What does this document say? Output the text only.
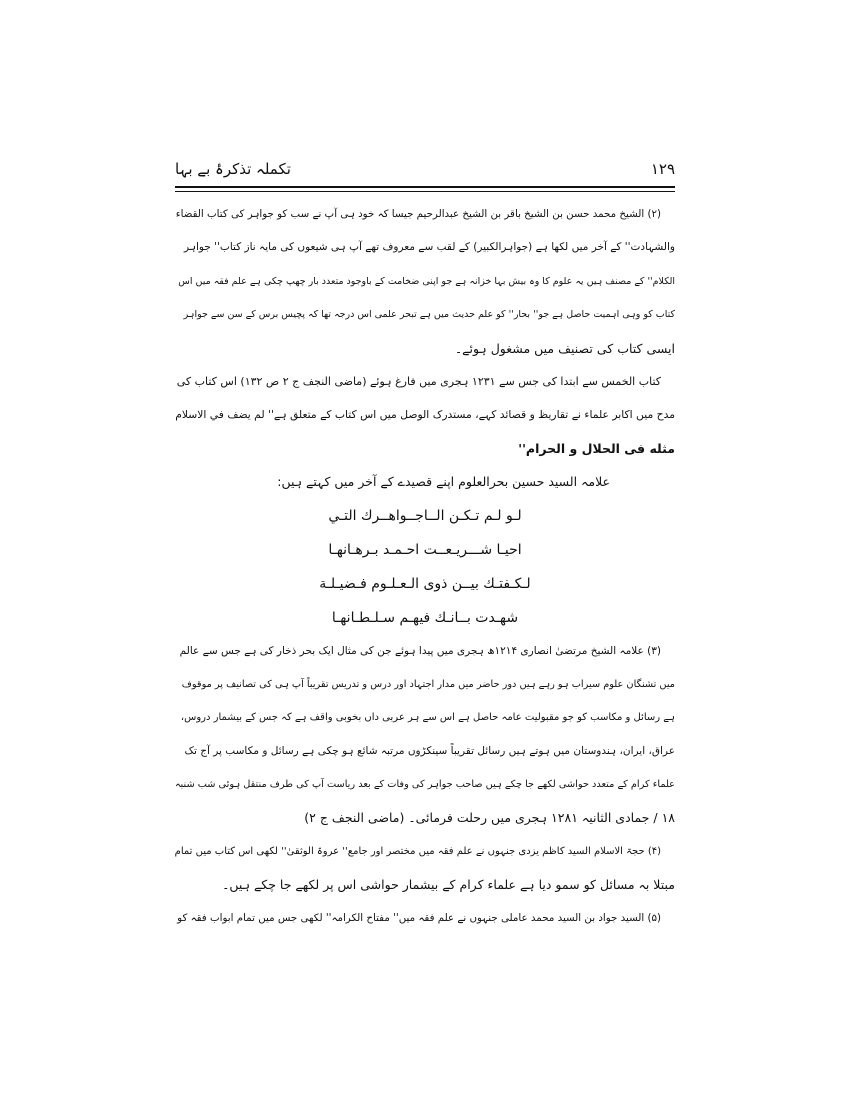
۱۲۹
تکملہ تذکرۂ بے بہا
(۲) الشیخ محمد حسن بن الشیخ باقر بن الشیخ عبدالرحیم جیسا کہ خود ہی آپ نے سب کو جواہر کی کتاب القضاء
والشہادت'' کے آخر میں لکھا ہے (جواہرالکبیر) کے لقب سے معروف تھے آپ ہی شیعوں کی مایہ ناز کتاب'' جواہر
الکلام'' کے مصنف ہیں یہ علوم کا وہ بیش بہا خزانہ ہے جو اپنی ضخامت کے باوجود متعدد بار چھپ چکی ہے علم فقہ میں اس
کتاب کو وہی اہمیت حاصل ہے جو'' بحار'' کو علم حدیث میں ہے تبحر علمی اس درجہ تھا کہ پچیس برس کے سن سے جواہر
ایسی کتاب کی تصنیف میں مشغول ہوئے۔
کتاب الخمس سے ابتدا کی جس سے ۱۲۳۱ ہجری میں فارغ ہوئے (ماضی النجف ج ۲ ص ۱۳۲) اس کتاب کی
مدح میں اکابر علماء نے تقاریظ و قصائد کہے، مستدرک الوصل میں اس کتاب کے متعلق ہے'' لم یضف في الاسلام
مثله فی الحلال و الحرام''
علامہ السید حسین بحرالعلوم اپنے قصیدے کے آخر میں کہتے ہیں:
لـو لـم تـكـن الــاجــواهــرك التـي
احيـا شـــريـعــت احـمـد بـرهـانهـا
لـكـفتـك بيــن ذوى الـعـلـوم فـضيـلـة
شهـدت بــانـك فيهـم سـلـطـانهـا
(۳) علامہ الشیخ مرتضیٰ انصاری ۱۲۱۴ھ ہجری میں پیدا ہوئے جن کی مثال ایک بحر ذخار کی ہے جس سے عالم
میں تشنگان علوم سیراب ہو رہے ہیں دور حاضر میں مدار اجتہاد اور درس و تدریس تقریباً آپ ہی کی تصانیف پر موقوف
ہے رسائل و مکاسب کو جو مقبولیت عامہ حاصل ہے اس سے ہر عربی داں بخوبی واقف ہے کہ جس کے بیشمار دروس،
عراق، ایران، ہندوستان میں ہوتے ہیں رسائل تقریباً سینکڑوں مرتبہ شائع ہو چکی ہے رسائل و مکاسب پر آج تک
علماء کرام کے متعدد حواشی لکھے جا چکے ہیں صاحب جواہر کی وفات کے بعد ریاست آپ کی طرف منتقل ہوئی شب شنبہ
۱۸ / جمادی الثانیہ ۱۲۸۱ ہجری میں رحلت فرمائی۔ (ماضی النجف ج ۲)
(۴) حجۃ الاسلام السید کاظم یزدی جنہوں نے علم فقہ میں مختصر اور جامع'' عروۃ الوثقیٰ'' لکھی اس کتاب میں تمام
مبتلا بہ مسائل کو سمو دیا ہے علماء کرام کے بیشمار حواشی اس پر لکھے جا چکے ہیں۔
(۵) السید جواد بن السید محمد عاملی جنہوں نے علم فقہ میں'' مفتاح الکرامہ'' لکھی جس میں تمام ابواب فقہ کو
